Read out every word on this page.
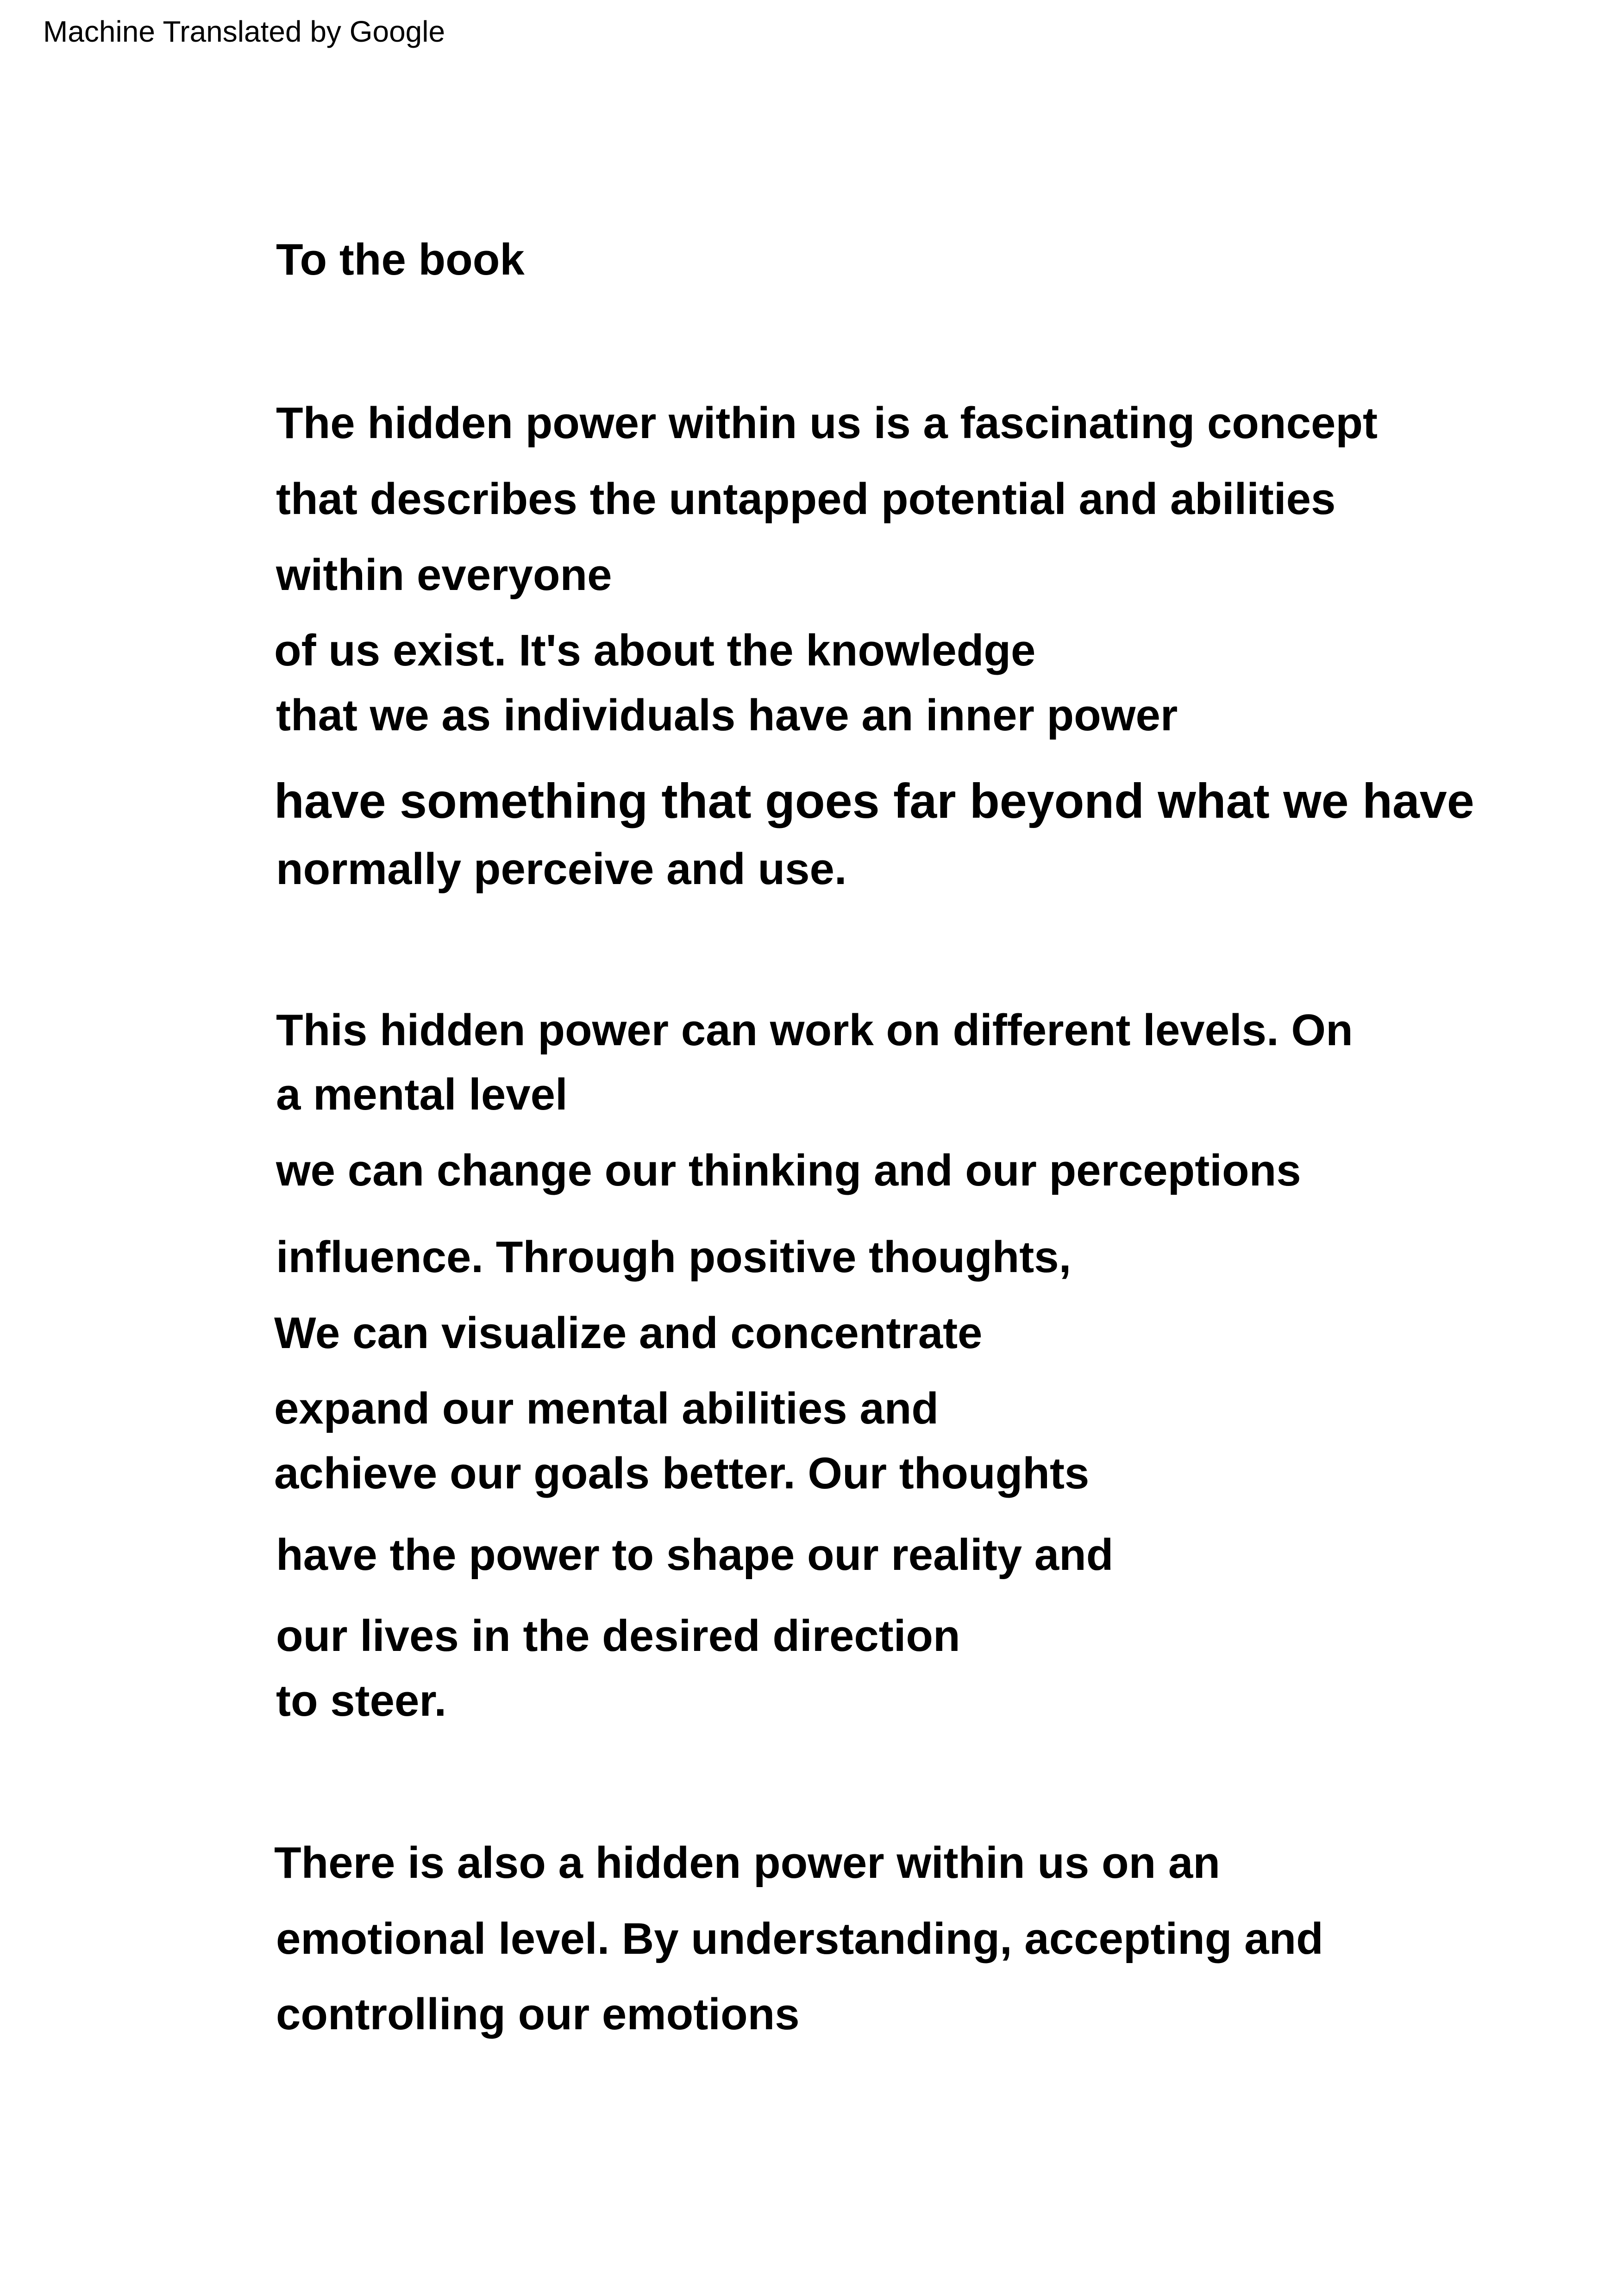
Machine Translated by Google
To the book
The hidden power within us is a fascinating concept
that describes the untapped potential and abilities
within everyone
of us exist. It's about the knowledge
that we as individuals have an inner power
have something that goes far beyond what we have
normally perceive and use.
This hidden power can work on different levels. On
a mental level
we can change our thinking and our perceptions
influence. Through positive thoughts,
We can visualize and concentrate
expand our mental abilities and
achieve our goals better. Our thoughts
have the power to shape our reality and
our lives in the desired direction
to steer.
There is also a hidden power within us on an
emotional level. By understanding, accepting and
controlling our emotions
